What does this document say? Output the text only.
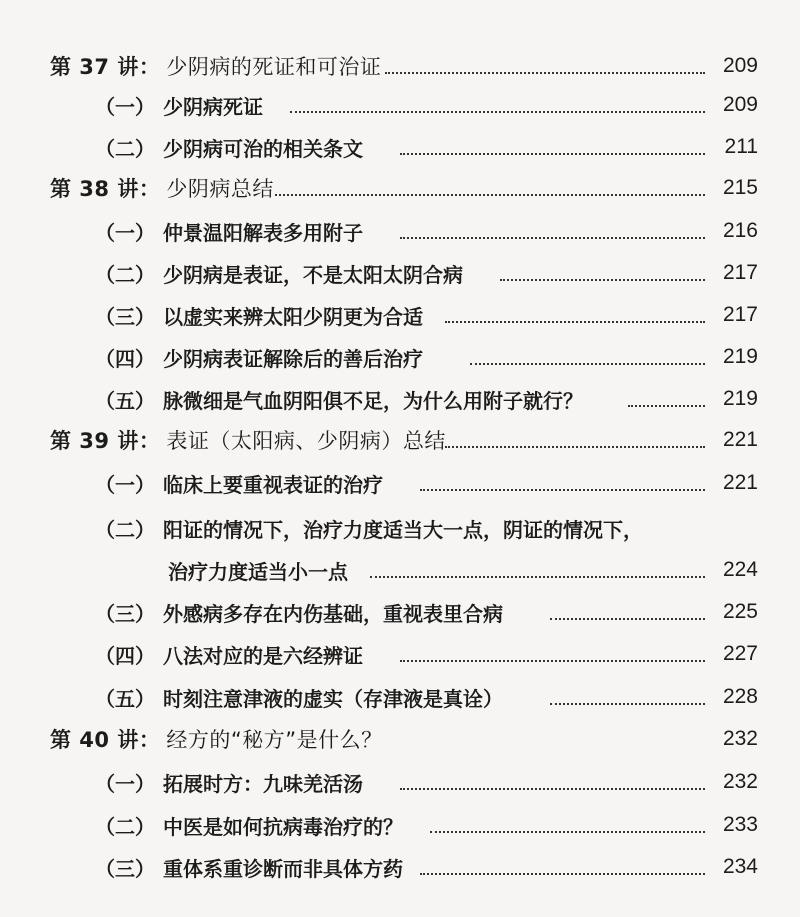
第 37 讲： 少阴病的死证和可治证	209
（一） 少阴病死证	209
（二） 少阴病可治的相关条文	211
第 38 讲： 少阴病总结	215
（一） 仲景温阳解表多用附子	216
（二） 少阴病是表证，不是太阳太阴合病	217
（三） 以虚实来辨太阳少阴更为合适	217
（四） 少阴病表证解除后的善后治疗	219
（五） 脉微细是气血阴阳俱不足，为什么用附子就行？	219
第 39 讲： 表证（太阳病、少阴病）总结	221
（一） 临床上要重视表证的治疗	221
（二） 阳证的情况下，治疗力度适当大一点，阴证的情况下，
治疗力度适当小一点	224
（三） 外感病多存在内伤基础，重视表里合病	225
（四） 八法对应的是六经辨证	227
（五） 时刻注意津液的虚实（存津液是真诠）	228
第 40 讲： 经方的“秘方”是什么？	232
（一） 拓展时方：九味羌活汤	232
（二） 中医是如何抗病毒治疗的？	233
（三） 重体系重诊断而非具体方药	234
